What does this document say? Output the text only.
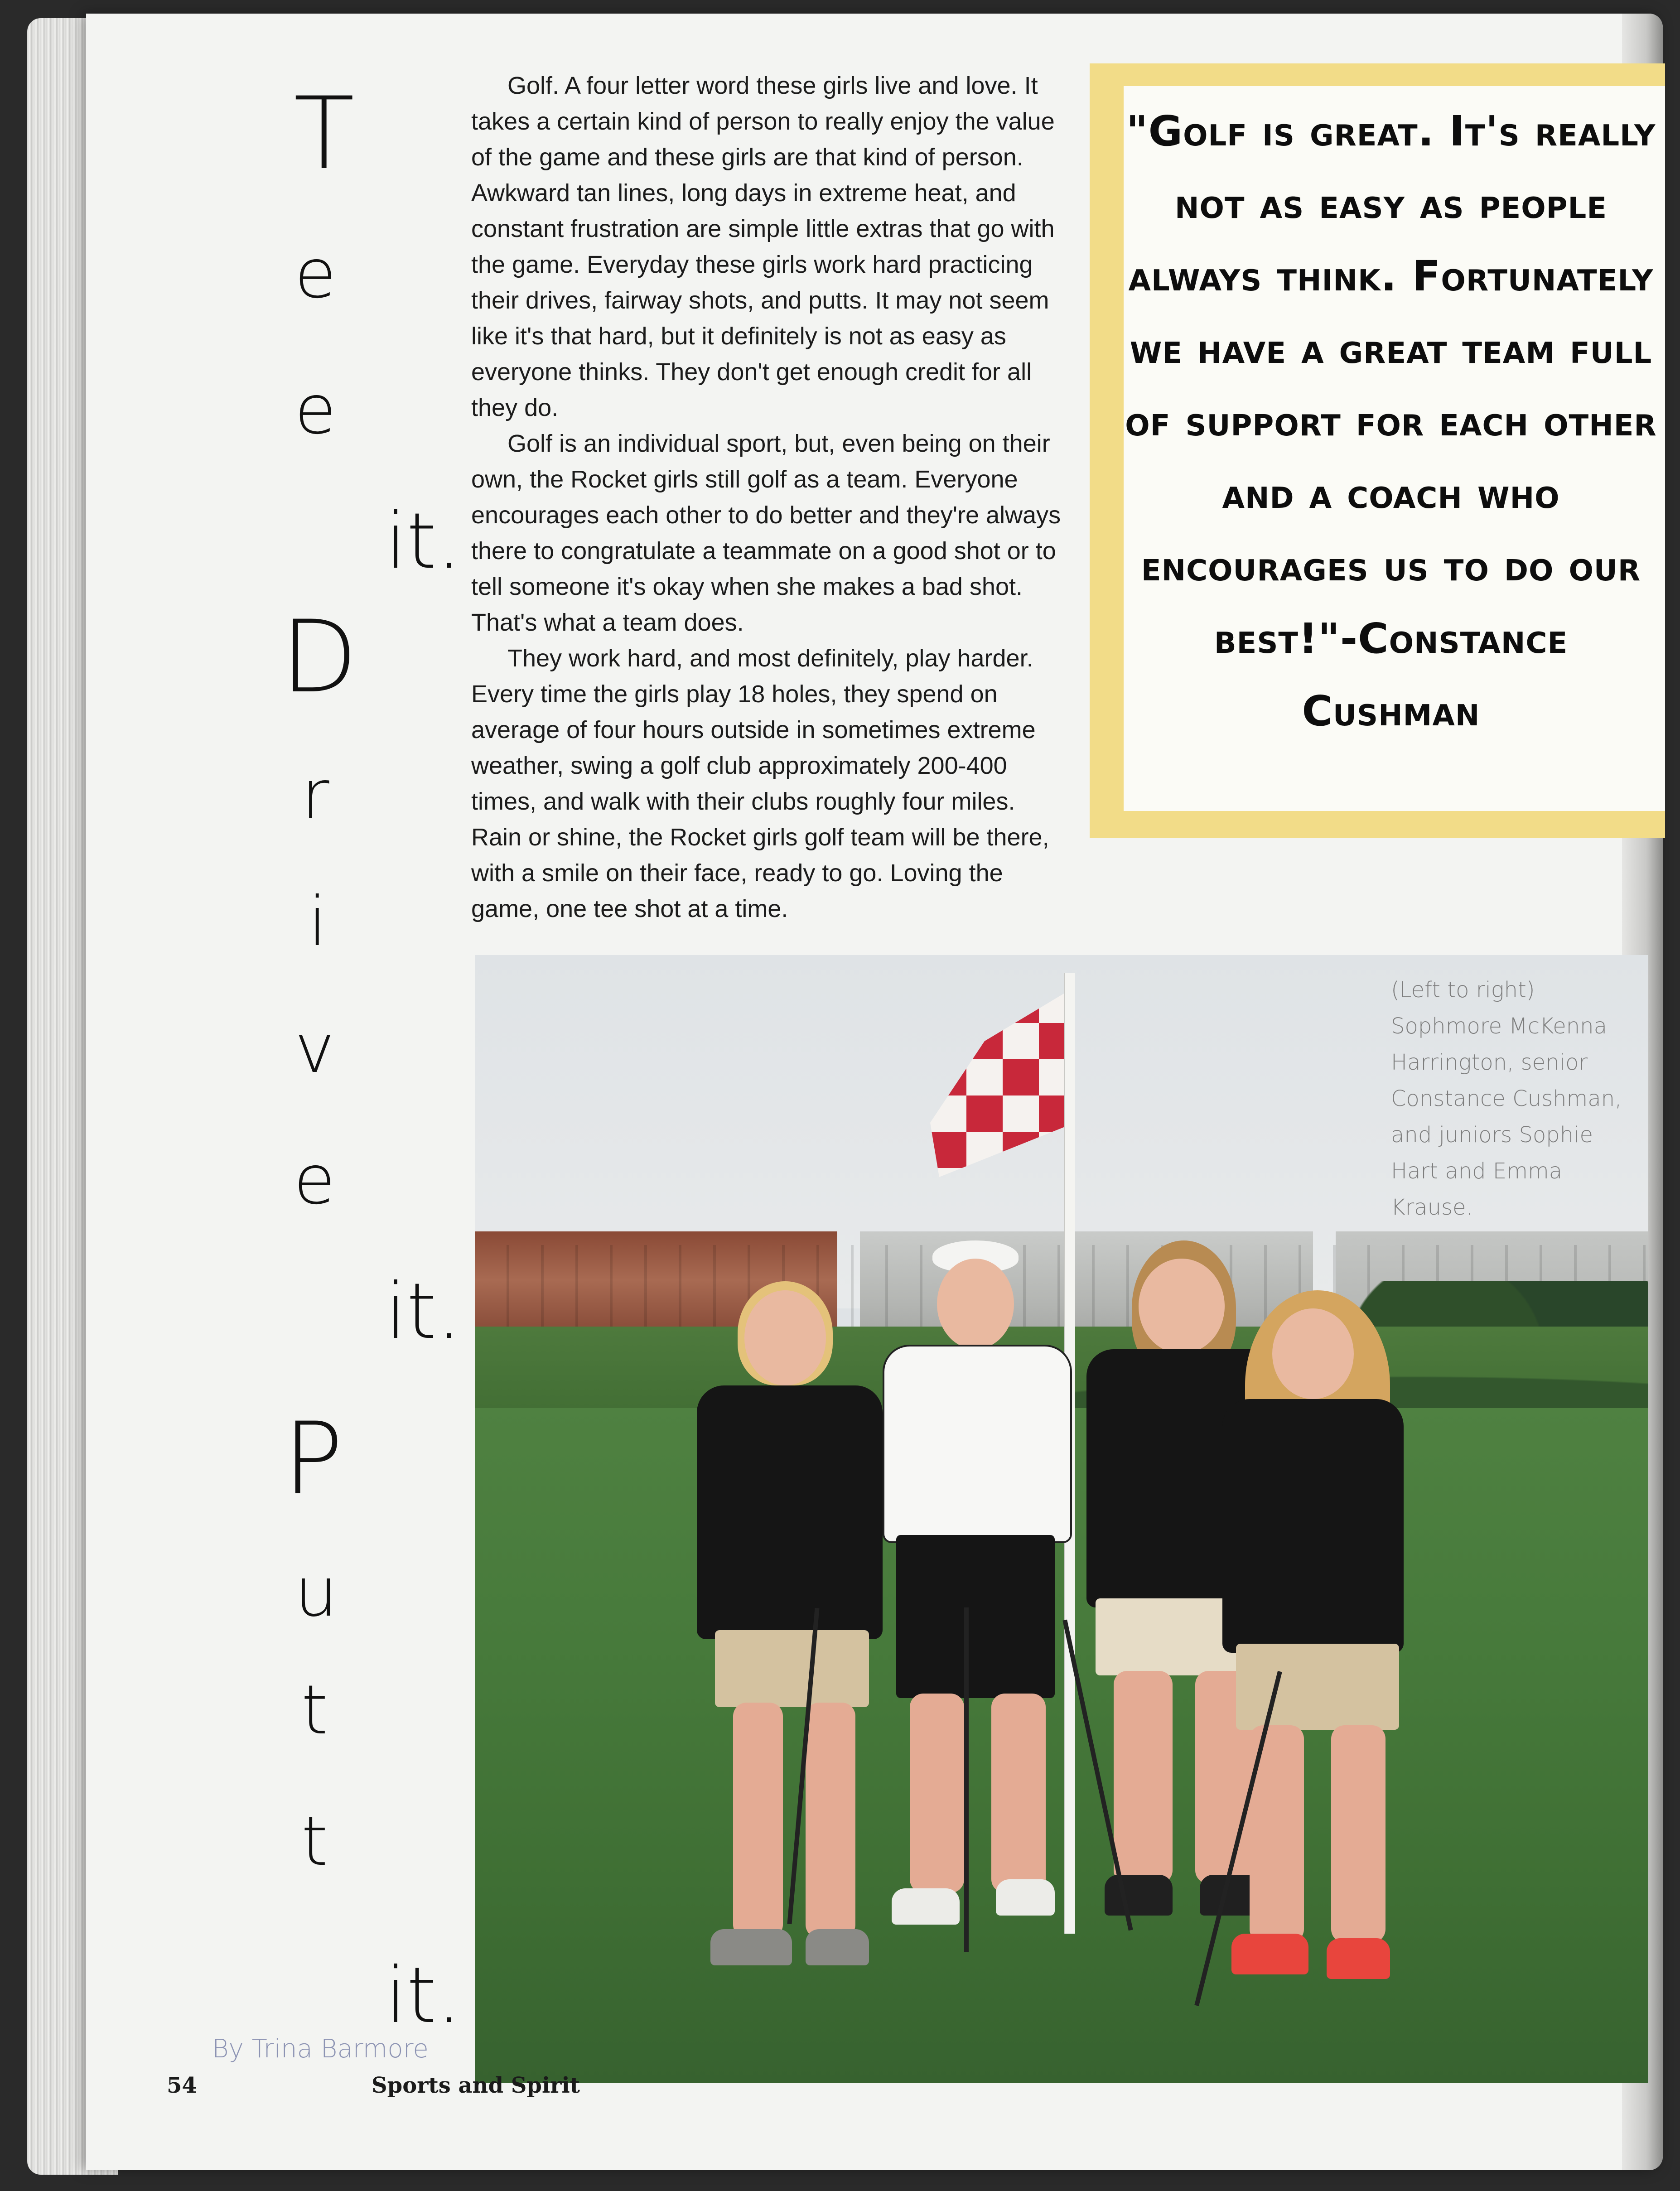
T
e
e
it.
D
r
i
v
e
it.
P
u
t
t
it.

Golf. A four letter word these girls live and love. It takes a certain kind of person to really enjoy the value of the game and these girls are that kind of person. Awkward tan lines, long days in extreme heat, and constant frustration are simple little extras that go with the game. Everyday these girls work hard practicing their drives, fairway shots, and putts. It may not seem like it's that hard, but it definitely is not as easy as everyone thinks. They don't get enough credit for all they do.

Golf is an individual sport, but, even being on their own, the Rocket girls still golf as a team. Everyone encourages each other to do better and they're always there to congratulate a teammate on a good shot or to tell someone it's okay when she makes a bad shot. That's what a team does.

They work hard, and most definitely, play harder. Every time the girls play 18 holes, they spend on average of four hours outside in sometimes extreme weather, swing a golf club approximately 200-400 times, and walk with their clubs roughly four miles. Rain or shine, the Rocket girls golf team will be there, with a smile on their face, ready to go. Loving the game, one tee shot at a time.

"Golf is great. It's really not as easy as people always think. Fortunately we have a great team full of support for each other and a coach who encourages us to do our best!"-Constance Cushman
(Left to right) Sophmore McKenna Harrington, senior Constance Cushman, and juniors Sophie Hart and Emma Krause.
By Trina Barmore
54	Sports and Spirit
